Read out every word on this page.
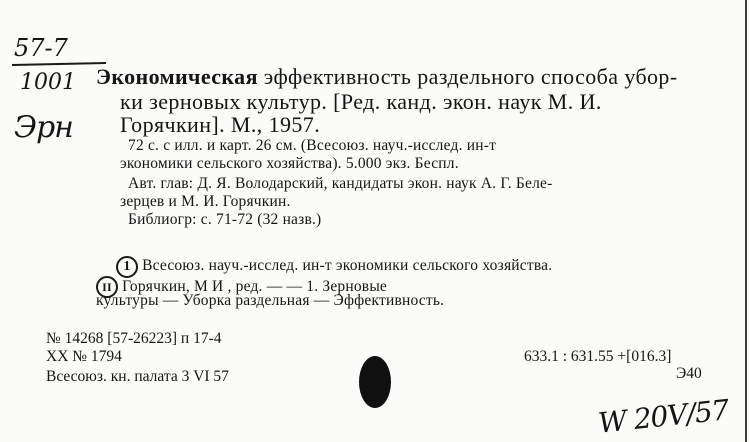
57-7
1001
Эрн
Экономическая эффективность раздельного способа убор-
ки зерновых культур. [Ред. канд. экон. наук М. И.
Горячкин]. М., 1957.
72 с. с илл. и карт. 26 см. (Всесоюз. науч.-исслед. ин-т
экономики сельского хозяйства). 5.000 экз. Беспл.
Авт. глав: Д. Я. Володарский, кандидаты экон. наук А. Г. Беле-
зерцев и М. И. Горячкин.
Библиогр: с. 71-72 (32 назв.)
1 Всесоюз. науч.-исслед. ин-т экономики сельского хозяйства.
II Горячкин, М И , ред. — — 1. Зерновые
культуры — Уборка раздельная — Эффективность.
№ 14268 [57-26223] п 17-4
ХХ № 1794
Всесоюз. кн. палата 3 VI 57
633.1 : 631.55 +[016.3]
Э40
W 20V/57
